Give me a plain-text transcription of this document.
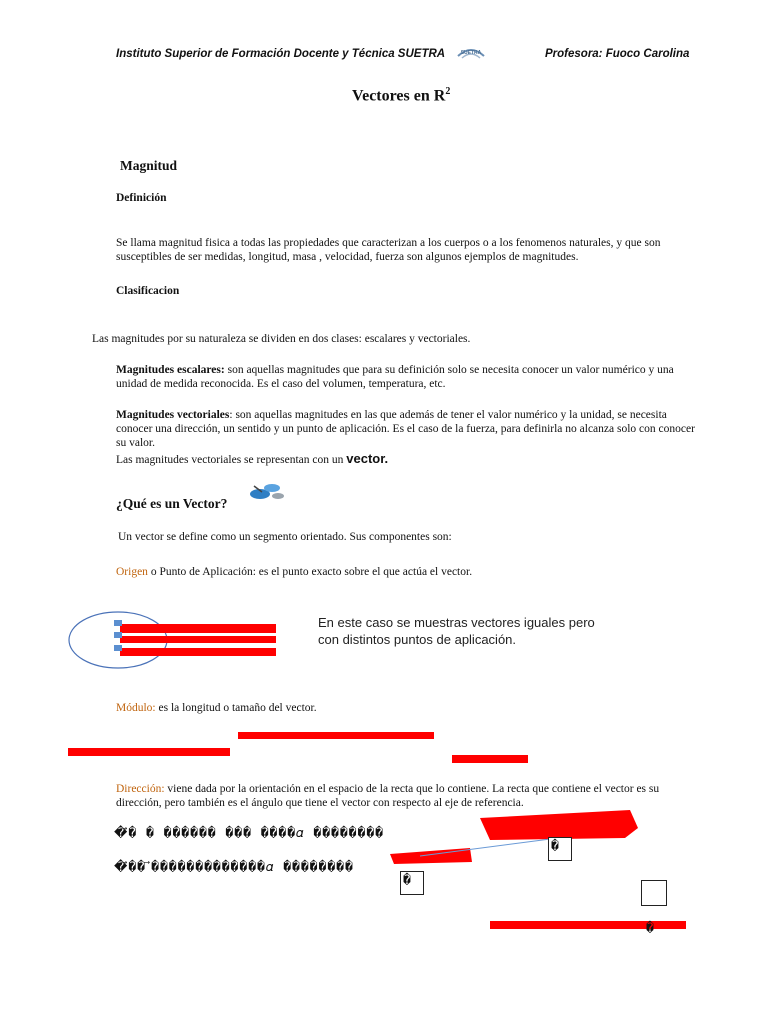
Instituto Superior de Formación Docente y Técnica SUETRA	SUETRA	Profesora: Fuoco Carolina
Vectores en $R^2$
Magnitud
Definición
Se llama magnitud fisica a todas las propiedades que caracterizan a los cuerpos o a los fenomenos naturales, y que son susceptibles de ser medidas, longitud, masa , velocidad, fuerza son algunos ejemplos de magnitudes.
Clasificacion
Las magnitudes por su naturaleza se dividen en dos clases: escalares y vectoriales.
Magnitudes escalares: son aquellas magnitudes que para su definición solo se necesita conocer un valor numérico y una unidad de medida reconocida. Es el caso del volumen, temperatura, etc.
Magnitudes vectoriales: son aquellas magnitudes en las que además de tener el valor numérico y la unidad, se necesita conocer una dirección, un sentido y un punto de aplicación. Es el caso de la fuerza, para definirla no alcanza solo con conocer su valor.
Las magnitudes vectoriales se representan con un vector.
¿Qué es un Vector?
Un vector se define como un segmento orientado. Sus componentes son:
Origen o Punto de Aplicación: es el punto exacto sobre el que actúa el vector.
En este caso se muestras vectores iguales pero con distintos puntos de aplicación.
Módulo: es la longitud o tamaño del vector.
Dirección: viene dada por la orientación en el espacio de la recta que lo contiene. La recta que contiene el vector es su dirección, pero también es el ángulo que tiene el vector con respecto al eje de referencia.
�⃗� � ������ ��� ����𝛼 ��������
�⃗�� ⃗�������������𝛼 ��������
�
�
�
